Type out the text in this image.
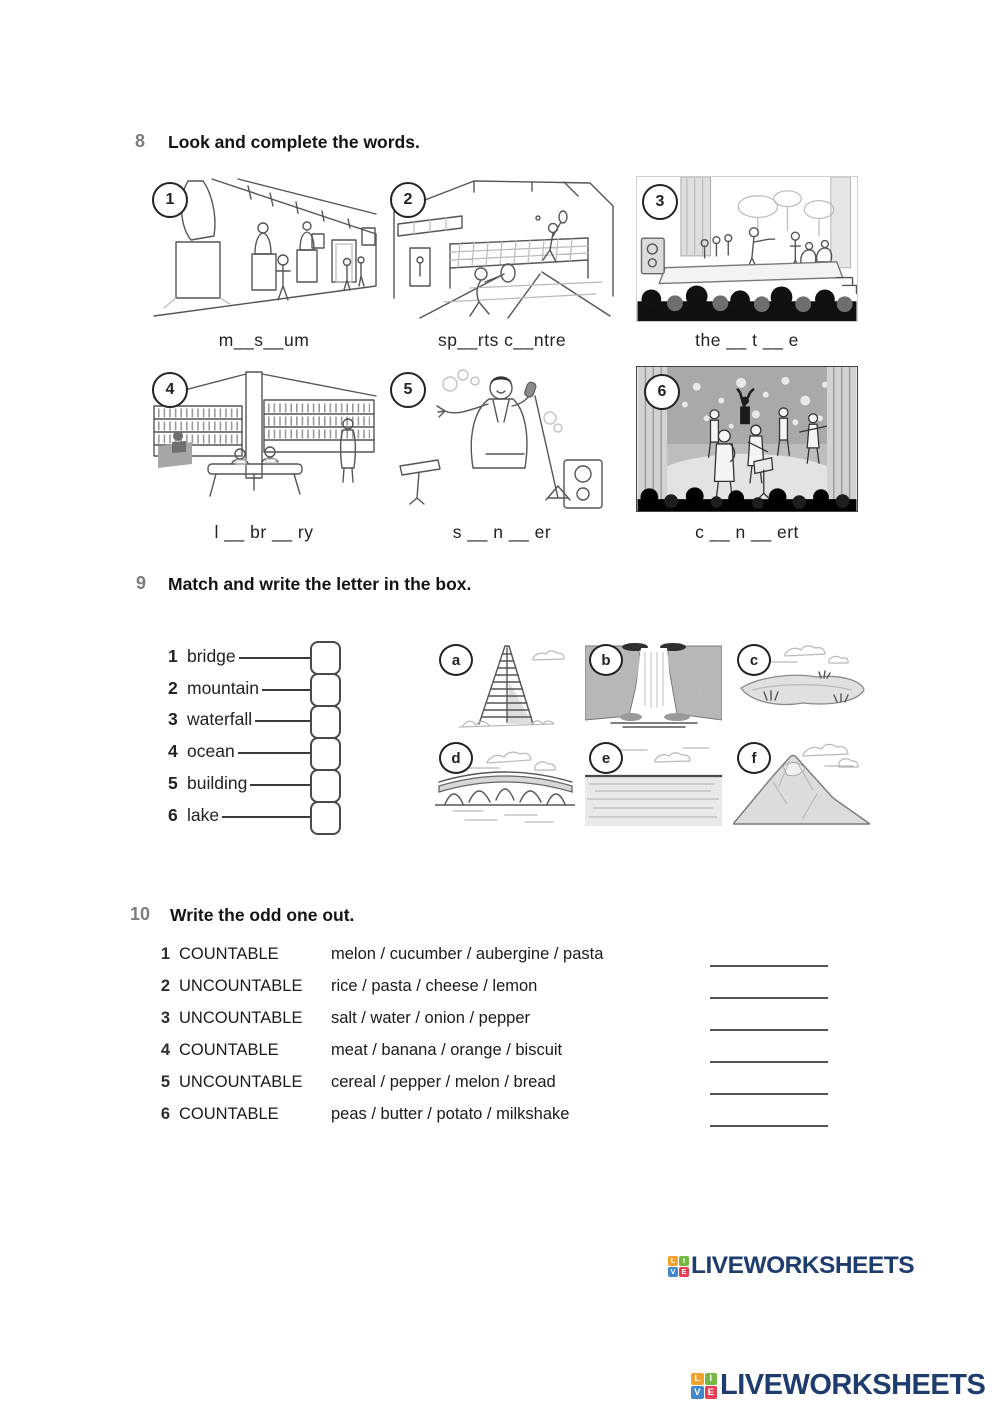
8 Look and complete the words.
1	2	3
m__s__um	sp__rts c__ntre	the __ t __ e
4	5	6
l __ br __ ry	s __ n __ er	c __ n __ ert
9 Match and write the letter in the box.
1 bridge
2 mountain
3 waterfall
4 ocean
5 building
6 lake
a	b	c
d	e	f
10 Write the odd one out.
1 COUNTABLE	melon / cucumber / aubergine / pasta
2 UNCOUNTABLE	rice / pasta / cheese / lemon
3 UNCOUNTABLE	salt / water / onion / pepper
4 COUNTABLE	meat / banana / orange / biscuit
5 UNCOUNTABLE	cereal / pepper / melon / bread
6 COUNTABLE	peas / butter / potato / milkshake
L	I
V E LIVEWORKSHEETS
L I
V E LIVEWORKSHEETS
